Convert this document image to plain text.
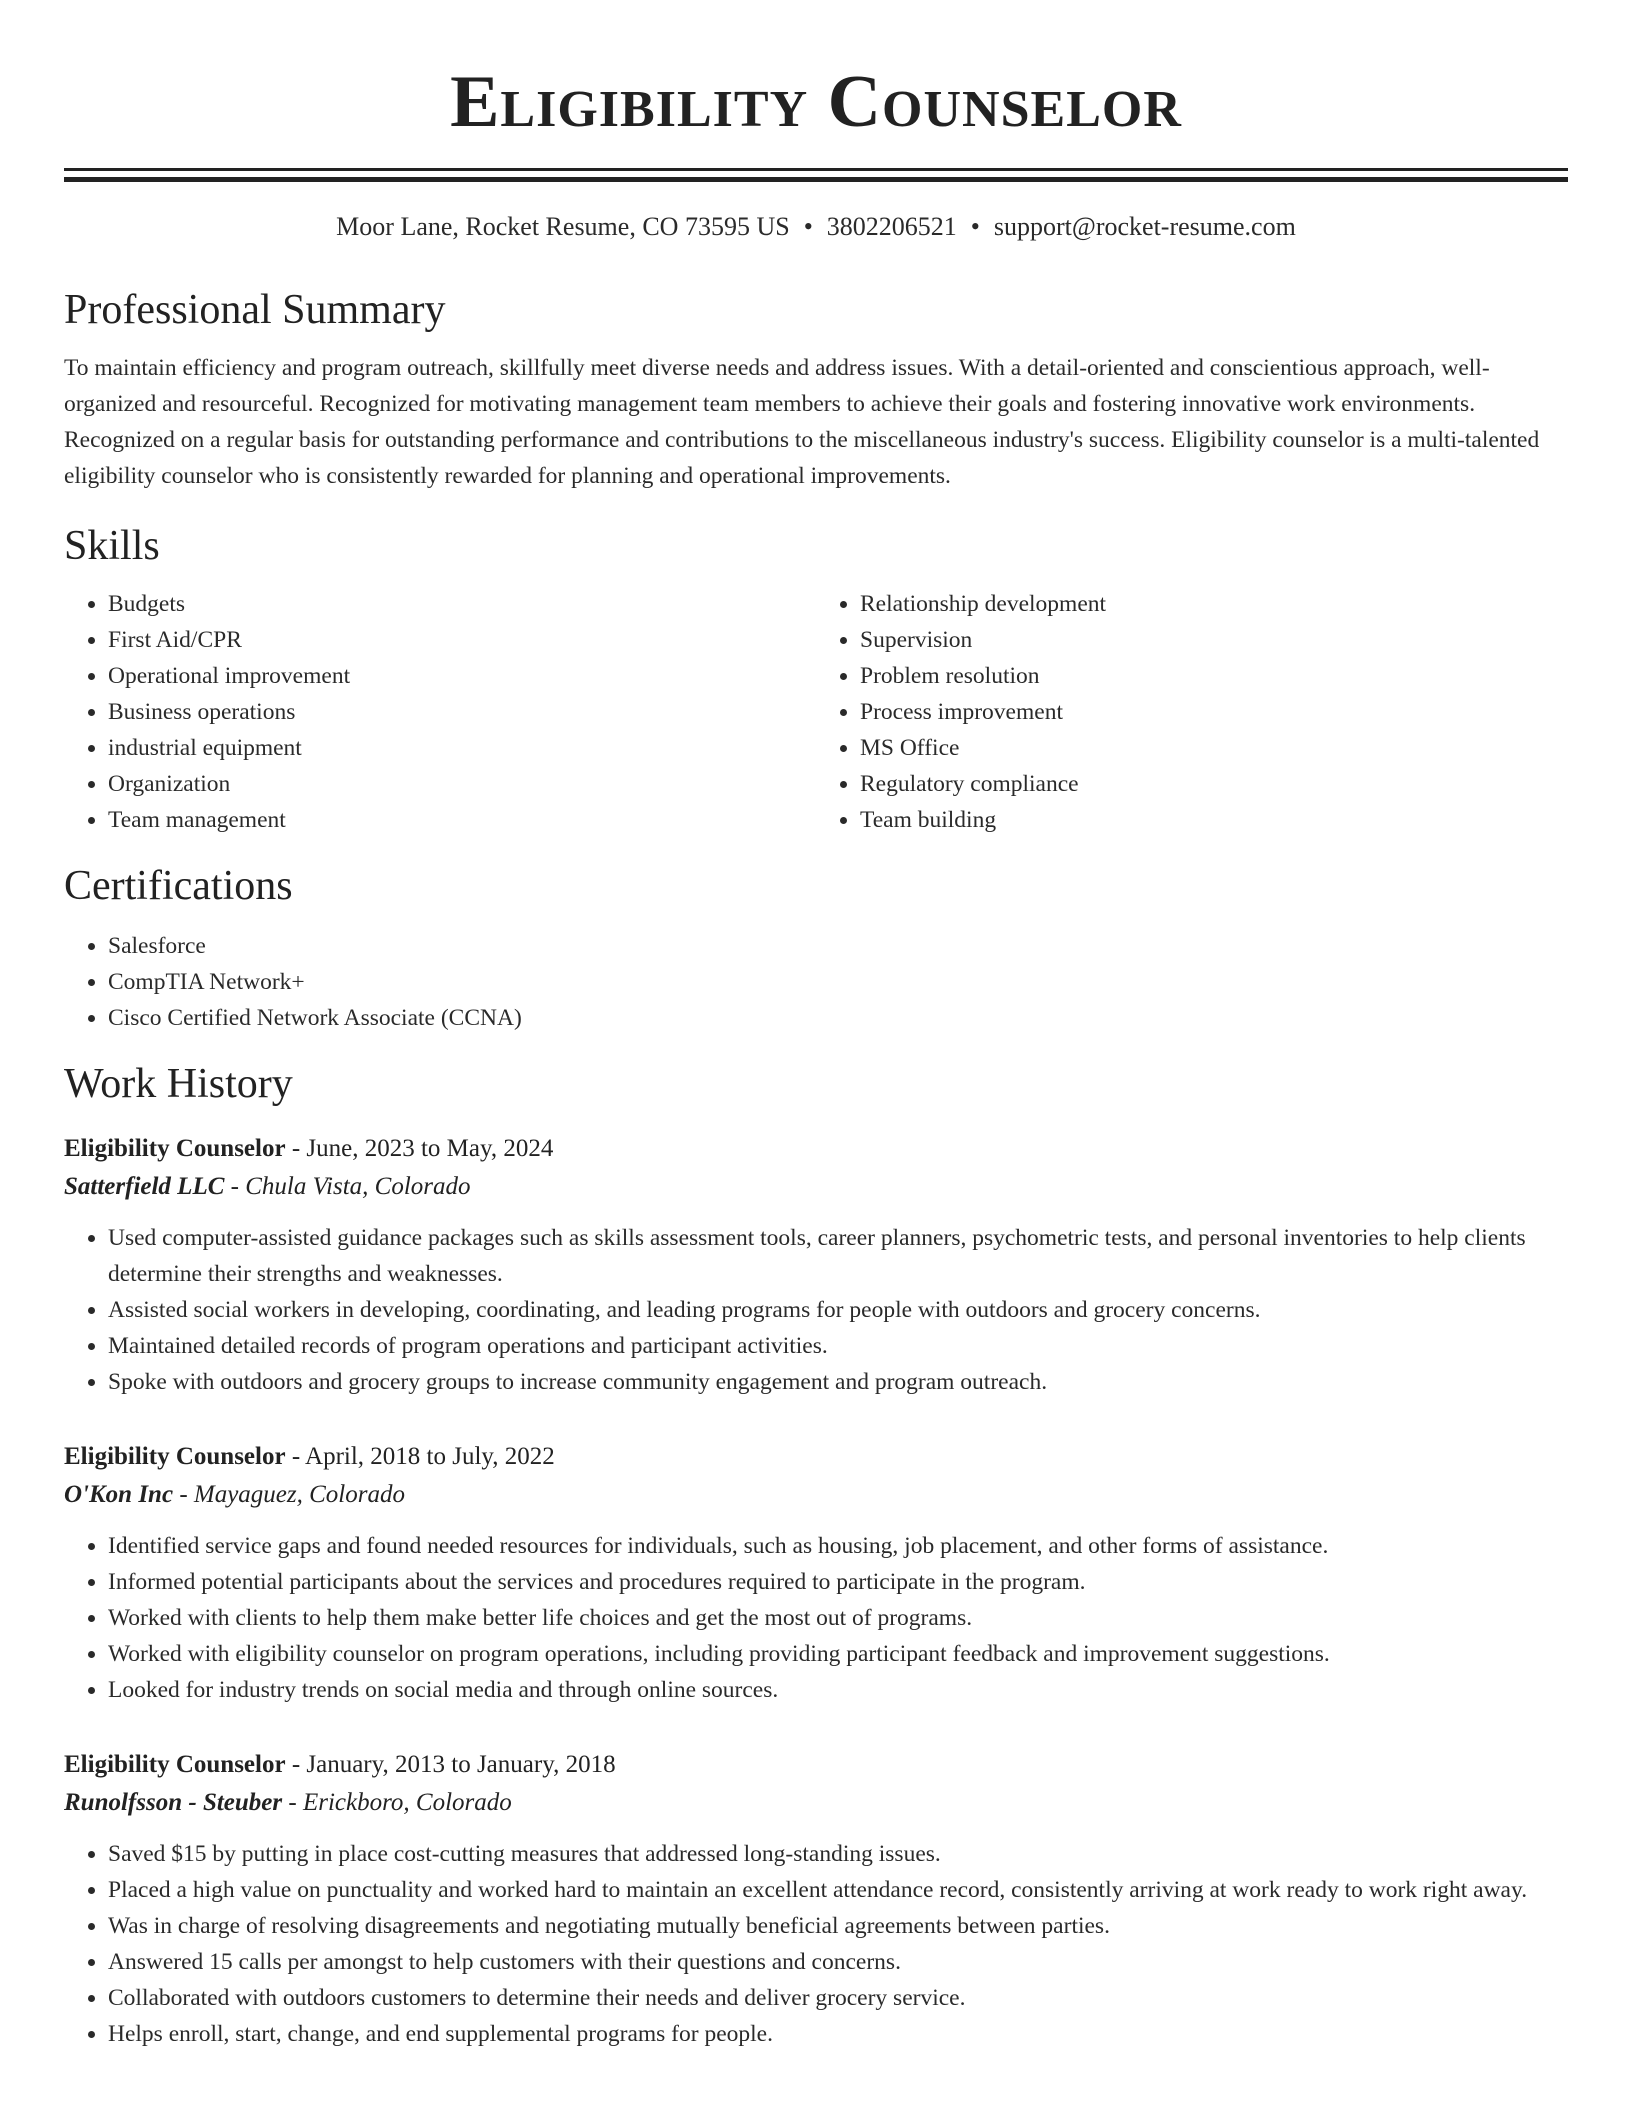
Eligibility Counselor
Moor Lane, Rocket Resume, CO 73595 US • 3802206521 • support@rocket-resume.com
Professional Summary
To maintain efficiency and program outreach, skillfully meet diverse needs and address issues. With a detail-oriented and conscientious approach, well-organized and resourceful. Recognized for motivating management team members to achieve their goals and fostering innovative work environments. Recognized on a regular basis for outstanding performance and contributions to the miscellaneous industry's success. Eligibility counselor is a multi-talented eligibility counselor who is consistently rewarded for planning and operational improvements.
Skills
• Budgets
• First Aid/CPR
• Operational improvement
• Business operations
• industrial equipment
• Organization
• Team management
• Relationship development
• Supervision
• Problem resolution
• Process improvement
• MS Office
• Regulatory compliance
• Team building
Certifications
• Salesforce
• CompTIA Network+
• Cisco Certified Network Associate (CCNA)
Work History
Eligibility Counselor - June, 2023 to May, 2024
Satterfield LLC - Chula Vista, Colorado
• Used computer-assisted guidance packages such as skills assessment tools, career planners, psychometric tests, and personal inventories to help clients determine their strengths and weaknesses.
• Assisted social workers in developing, coordinating, and leading programs for people with outdoors and grocery concerns.
• Maintained detailed records of program operations and participant activities.
• Spoke with outdoors and grocery groups to increase community engagement and program outreach.
Eligibility Counselor - April, 2018 to July, 2022
O'Kon Inc - Mayaguez, Colorado
• Identified service gaps and found needed resources for individuals, such as housing, job placement, and other forms of assistance.
• Informed potential participants about the services and procedures required to participate in the program.
• Worked with clients to help them make better life choices and get the most out of programs.
• Worked with eligibility counselor on program operations, including providing participant feedback and improvement suggestions.
• Looked for industry trends on social media and through online sources.
Eligibility Counselor - January, 2013 to January, 2018
Runolfsson - Steuber - Erickboro, Colorado
• Saved $15 by putting in place cost-cutting measures that addressed long-standing issues.
• Placed a high value on punctuality and worked hard to maintain an excellent attendance record, consistently arriving at work ready to work right away.
• Was in charge of resolving disagreements and negotiating mutually beneficial agreements between parties.
• Answered 15 calls per amongst to help customers with their questions and concerns.
• Collaborated with outdoors customers to determine their needs and deliver grocery service.
• Helps enroll, start, change, and end supplemental programs for people.
